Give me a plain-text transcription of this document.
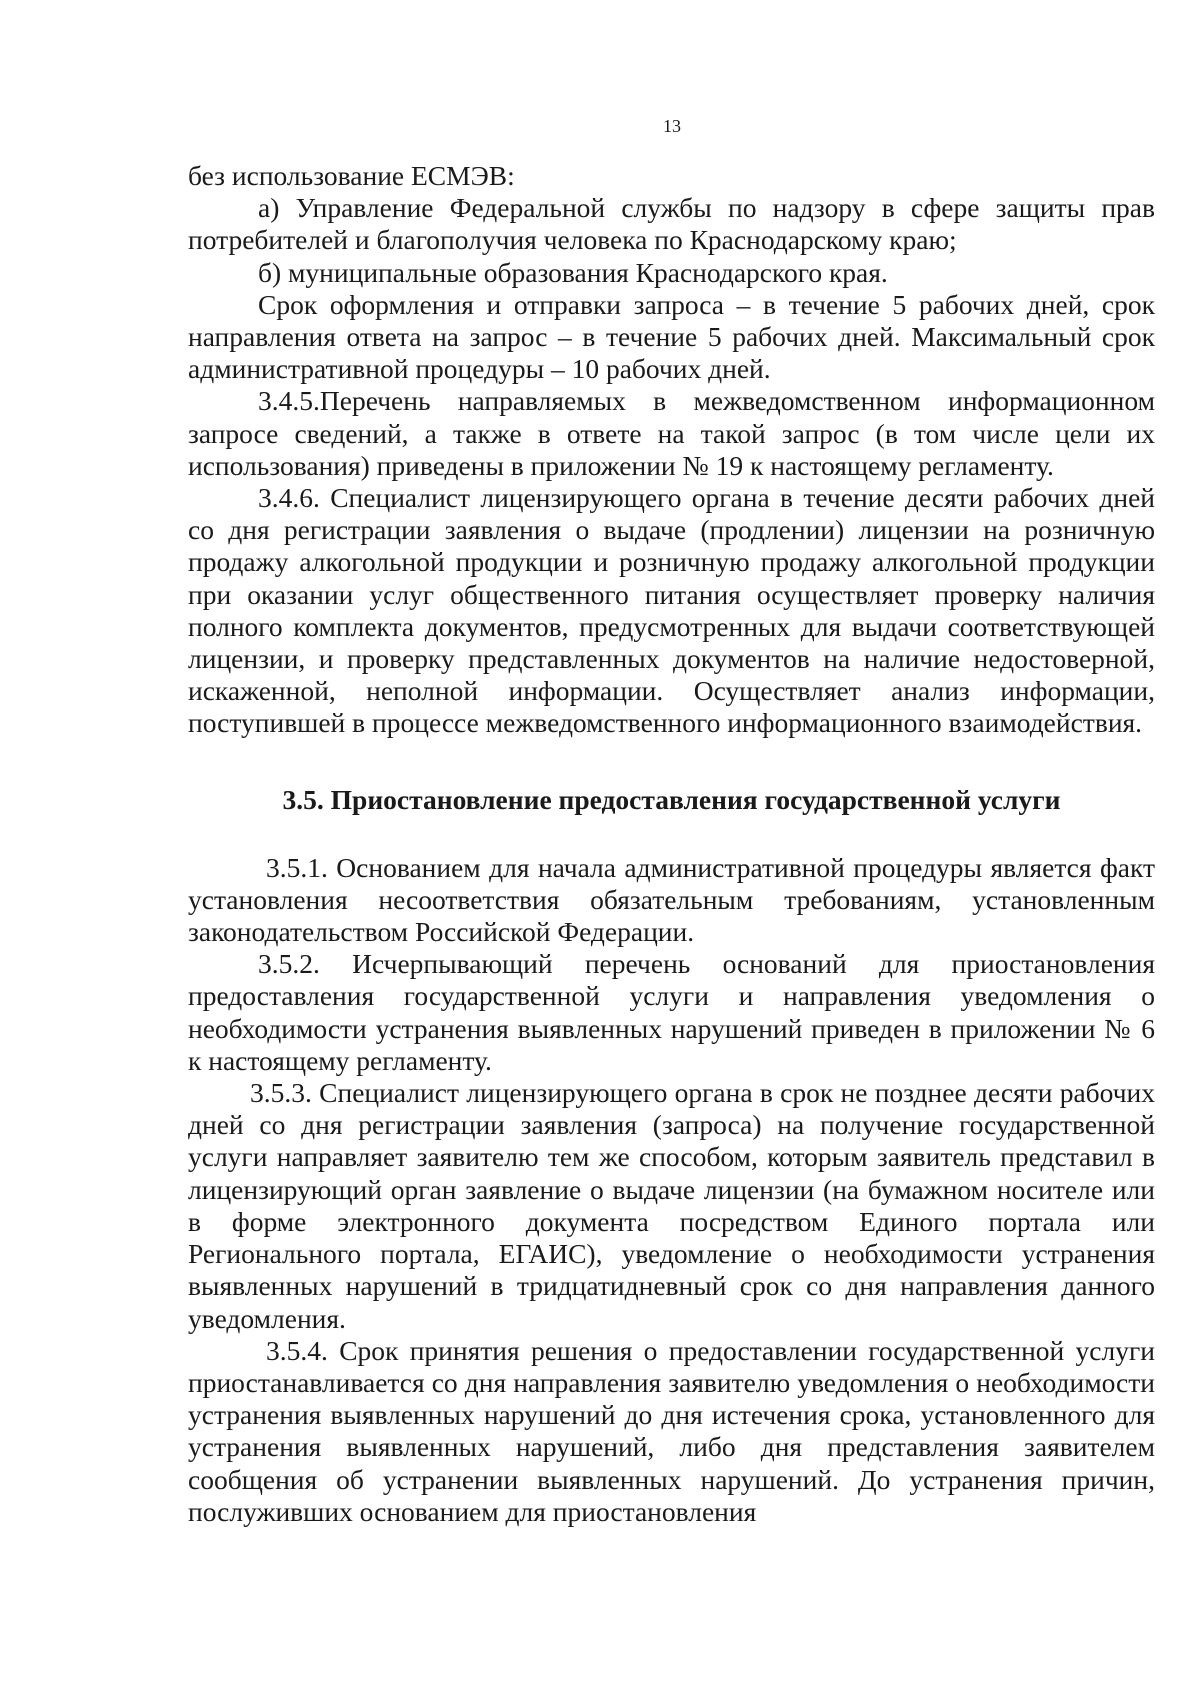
13

без использование ЕСМЭВ:

а) Управление Федеральной службы по надзору в сфере защиты прав потребителей и благополучия человека по Краснодарскому краю;

б) муниципальные образования Краснодарского края.

Срок оформления и отправки запроса – в течение 5 рабочих дней, срок направления ответа на запрос – в течение 5 рабочих дней. Максимальный срок административной процедуры – 10 рабочих дней.

3.4.5.Перечень направляемых в межведомственном информационном запросе сведений, а также в ответе на такой запрос (в том числе цели их использования) приведены в приложении № 19 к настоящему регламенту.

3.4.6. Специалист лицензирующего органа в течение десяти рабочих дней со дня регистрации заявления о выдаче (продлении) лицензии на розничную продажу алкогольной продукции и розничную продажу алкогольной продукции при оказании услуг общественного питания осуществляет проверку наличия полного комплекта документов, предусмотренных для выдачи соответствующей лицензии, и проверку представленных документов на наличие недостоверной, искаженной, неполной информации. Осуществляет анализ информации, поступившей в процессе межведомственного информационного взаимодействия.

3.5. Приостановление предоставления государственной услуги

3.5.1. Основанием для начала административной процедуры является факт установления несоответствия обязательным требованиям, установленным законодательством Российской Федерации.

3.5.2. Исчерпывающий перечень оснований для приостановления предоставления государственной услуги и направления уведомления о необходимости устранения выявленных нарушений приведен в приложении № 6 к настоящему регламенту.

3.5.3. Специалист лицензирующего органа в срок не позднее десяти рабочих дней со дня регистрации заявления (запроса) на получение государственной услуги направляет заявителю тем же способом, которым заявитель представил в лицензирующий орган заявление о выдаче лицензии (на бумажном носителе или в форме электронного документа посредством Единого портала или Регионального портала, ЕГАИС), уведомление о необходимости устранения выявленных нарушений в тридцатидневный срок со дня направления данного уведомления.

3.5.4. Срок принятия решения о предоставлении государственной услуги приостанавливается со дня направления заявителю уведомления о необходимости устранения выявленных нарушений до дня истечения срока, установленного для устранения выявленных нарушений, либо дня представления заявителем сообщения об устранении выявленных нарушений. До устранения причин, послуживших основанием для приостановления
